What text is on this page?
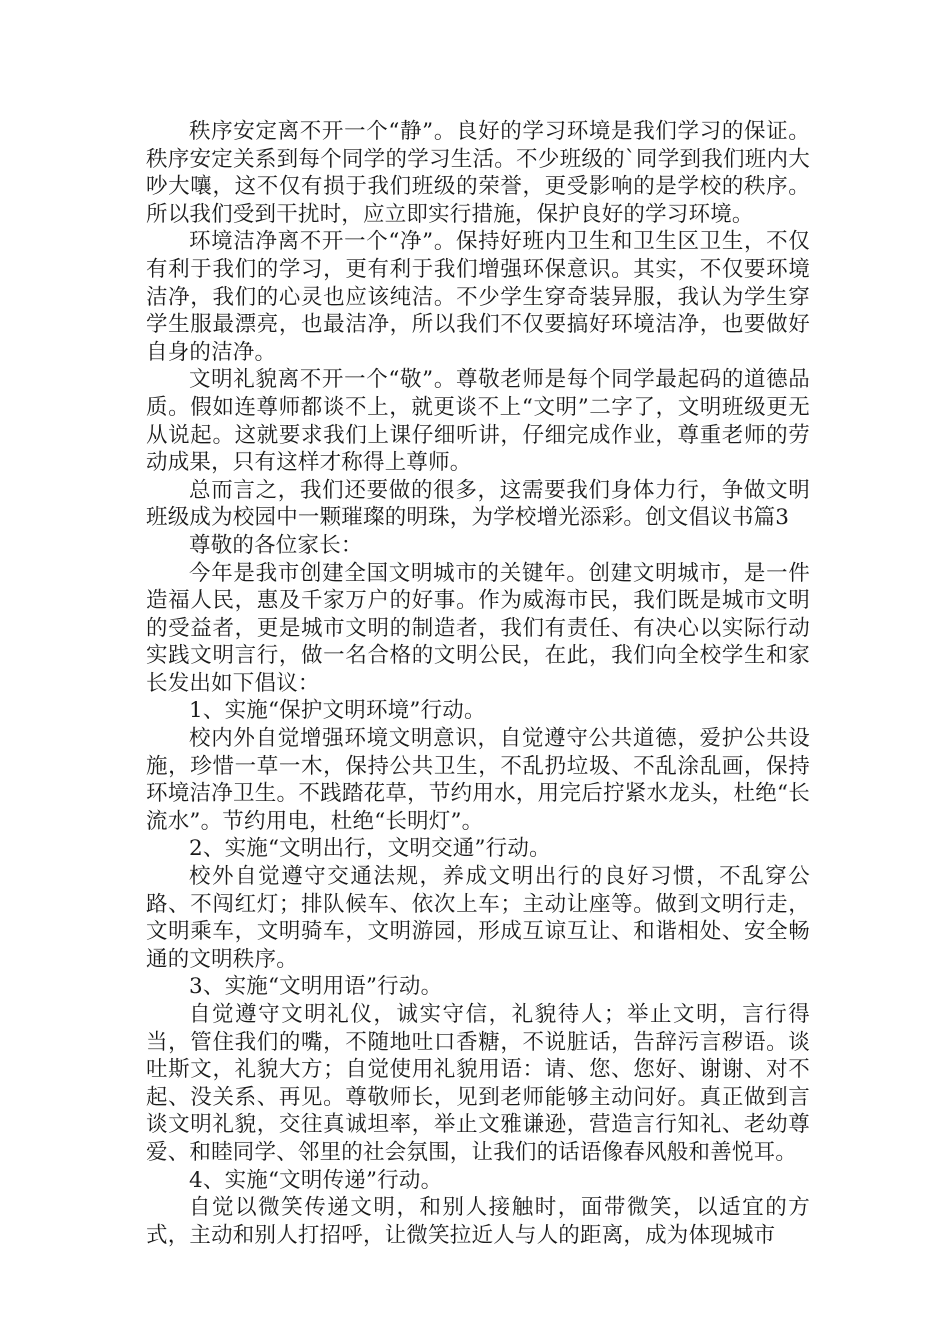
秩序安定离不开一个“静”。良好的学习环境是我们学习的保证。秩序安定关系到每个同学的学习生活。不少班级的`同学到我们班内大吵大嚷，这不仅有损于我们班级的荣誉，更受影响的是学校的秩序。所以我们受到干扰时，应立即实行措施，保护良好的学习环境。

环境洁净离不开一个“净”。保持好班内卫生和卫生区卫生，不仅有利于我们的学习，更有利于我们增强环保意识。其实，不仅要环境洁净，我们的心灵也应该纯洁。不少学生穿奇装异服，我认为学生穿学生服最漂亮，也最洁净，所以我们不仅要搞好环境洁净，也要做好自身的洁净。

文明礼貌离不开一个“敬”。尊敬老师是每个同学最起码的道德品质。假如连尊师都谈不上，就更谈不上“文明”二字了，文明班级更无从说起。这就要求我们上课仔细听讲，仔细完成作业，尊重老师的劳动成果，只有这样才称得上尊师。

总而言之，我们还要做的很多，这需要我们身体力行，争做文明班级成为校园中一颗璀璨的明珠，为学校增光添彩。创文倡议书篇3

尊敬的各位家长：

今年是我市创建全国文明城市的关键年。创建文明城市，是一件造福人民，惠及千家万户的好事。作为威海市民，我们既是城市文明的受益者，更是城市文明的制造者，我们有责任、有决心以实际行动实践文明言行，做一名合格的文明公民，在此，我们向全校学生和家长发出如下倡议：

1、实施“保护文明环境”行动。

校内外自觉增强环境文明意识，自觉遵守公共道德，爱护公共设施，珍惜一草一木，保持公共卫生，不乱扔垃圾、不乱涂乱画，保持环境洁净卫生。不践踏花草，节约用水，用完后拧紧水龙头，杜绝“长流水”。节约用电，杜绝“长明灯”。

2、实施“文明出行，文明交通”行动。

校外自觉遵守交通法规，养成文明出行的良好习惯，不乱穿公路、不闯红灯；排队候车、依次上车；主动让座等。做到文明行走，文明乘车，文明骑车，文明游园，形成互谅互让、和谐相处、安全畅通的文明秩序。

3、实施“文明用语”行动。

自觉遵守文明礼仪，诚实守信，礼貌待人；举止文明，言行得当，管住我们的嘴，不随地吐口香糖，不说脏话，告辞污言秽语。谈吐斯文，礼貌大方；自觉使用礼貌用语：请、您、您好、谢谢、对不起、没关系、再见。尊敬师长，见到老师能够主动问好。真正做到言谈文明礼貌，交往真诚坦率，举止文雅谦逊，营造言行知礼、老幼尊爱、和睦同学、邻里的社会氛围，让我们的话语像春风般和善悦耳。

4、实施“文明传递”行动。

自觉以微笑传递文明，和别人接触时，面带微笑，以适宜的方式，主动和别人打招呼，让微笑拉近人与人的距离，成为体现城市
